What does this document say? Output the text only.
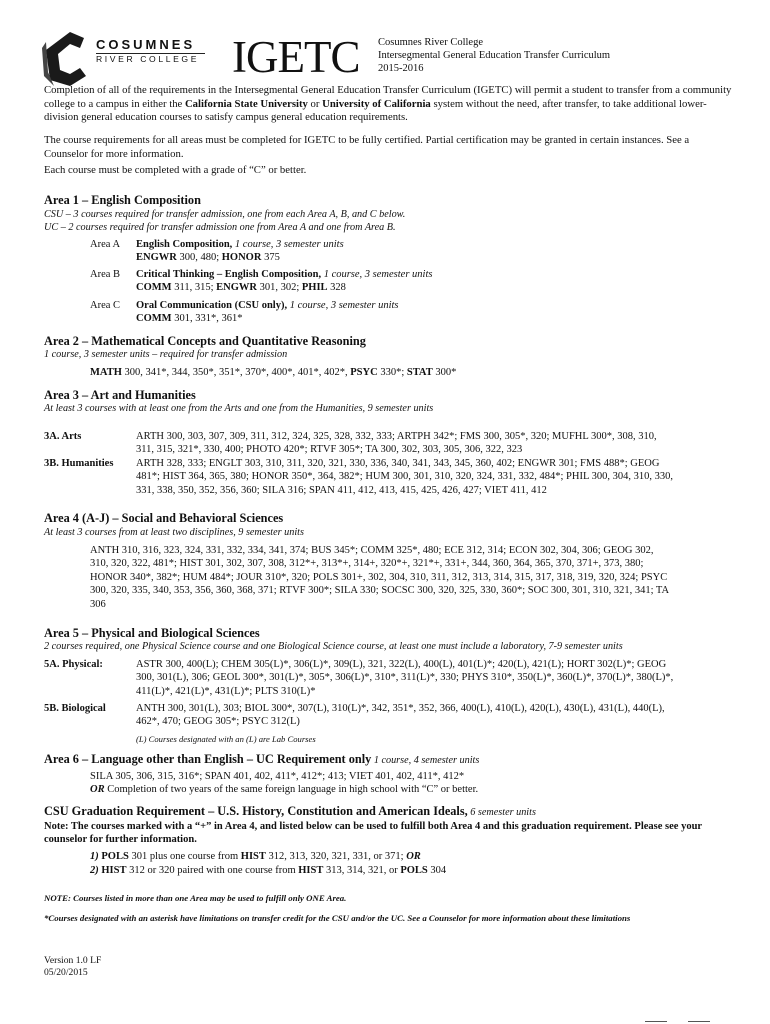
COSUMNES
RIVER COLLEGE IGETC Cosumnes River College
Intersegmental General Education Transfer Curriculum
2015-2016
Completion of all of the requirements in the Intersegmental General Education Transfer Curriculum (IGETC) will permit a student to transfer from a community college to a campus in either the California State University or University of California system without the need, after transfer, to take additional lower-division general education courses to satisfy campus general education requirements.
The course requirements for all areas must be completed for IGETC to be fully certified. Partial certification may be granted in certain instances. See a Counselor for more information.
Each course must be completed with a grade of “C” or better.
Area 1 – English Composition
CSU – 3 courses required for transfer admission, one from each Area A, B, and C below.
UC – 2 courses required for transfer admission one from Area A and one from Area B.
Area A English Composition, 1 course, 3 semester units
ENGWR 300, 480; HONOR 375
Area B Critical Thinking – English Composition, 1 course, 3 semester units
COMM 311, 315; ENGWR 301, 302; PHIL 328
Area C Oral Communication (CSU only), 1 course, 3 semester units
COMM 301, 331*, 361*
Area 2 – Mathematical Concepts and Quantitative Reasoning
1 course, 3 semester units – required for transfer admission
MATH 300, 341*, 344, 350*, 351*, 370*, 400*, 401*, 402*, PSYC 330*; STAT 300*
Area 3 – Art and Humanities
At least 3 courses with at least one from the Arts and one from the Humanities, 9 semester units
3A. Arts	ARTH 300, 303, 307, 309, 311, 312, 324, 325, 328, 332, 333; ARTPH 342*; FMS 300, 305*, 320; MUFHL 300*, 308, 310,
311, 315, 321*, 330, 400; PHOTO 420*; RTVF 305*; TA 300, 302, 303, 305, 306, 322, 323
3B. Humanities ARTH 328, 333; ENGLT 303, 310, 311, 320, 321, 330, 336, 340, 341, 343, 345, 360, 402; ENGWR 301; FMS 488*; GEOG
481*; HIST 364, 365, 380; HONOR 350*, 364, 382*; HUM 300, 301, 310, 320, 324, 331, 332, 484*; PHIL 300, 304, 310, 330,
331, 338, 350, 352, 356, 360; SILA 316; SPAN 411, 412, 413, 415, 425, 426, 427; VIET 411, 412
Area 4 (A-J) – Social and Behavioral Sciences
At least 3 courses from at least two disciplines, 9 semester units
ANTH 310, 316, 323, 324, 331, 332, 334, 341, 374; BUS 345*; COMM 325*, 480; ECE 312, 314; ECON 302, 304, 306; GEOG 302,
310, 320, 322, 481*; HIST 301, 302, 307, 308, 312*+, 313*+, 314+, 320*+, 321*+, 331+, 344, 360, 364, 365, 370, 371+, 373, 380;
HONOR 340*, 382*; HUM 484*; JOUR 310*, 320; POLS 301+, 302, 304, 310, 311, 312, 313, 314, 315, 317, 318, 319, 320, 324; PSYC
300, 320, 335, 340, 353, 356, 360, 368, 371; RTVF 300*; SILA 330; SOCSC 300, 320, 325, 330, 360*; SOC 300, 301, 310, 321, 341; TA
306
Area 5 – Physical and Biological Sciences
2 courses required, one Physical Science course and one Biological Science course, at least one must include a laboratory, 7-9 semester units
5A. Physical:	ASTR 300, 400(L); CHEM 305(L)*, 306(L)*, 309(L), 321, 322(L), 400(L), 401(L)*; 420(L), 421(L); HORT 302(L)*; GEOG
300, 301(L), 306; GEOL 300*, 301(L)*, 305*, 306(L)*, 310*, 311(L)*, 330; PHYS 310*, 350(L)*, 360(L)*, 370(L)*, 380(L)*,
411(L)*, 421(L)*, 431(L)*; PLTS 310(L)*
5B. Biological	ANTH 300, 301(L), 303; BIOL 300*, 307(L), 310(L)*, 342, 351*, 352, 366, 400(L), 410(L), 420(L), 430(L), 431(L), 440(L),
462*, 470; GEOG 305*; PSYC 312(L)
(L) Courses designated with an (L) are Lab Courses
Area 6 – Language other than English – UC Requirement only 1 course, 4 semester units
SILA 305, 306, 315, 316*; SPAN 401, 402, 411*, 412*; 413; VIET 401, 402, 411*, 412*
OR Completion of two years of the same foreign language in high school with “C” or better.
CSU Graduation Requirement – U.S. History, Constitution and American Ideals, 6 semester units
Note: The courses marked with a “+” in Area 4, and listed below can be used to fulfill both Area 4 and this graduation requirement. Please see your counselor for further information.
1) POLS 301 plus one course from HIST 312, 313, 320, 321, 331, or 371; OR
2) HIST 312 or 320 paired with one course from HIST 313, 314, 321, or POLS 304
NOTE: Courses listed in more than one Area may be used to fulfill only ONE Area.
*Courses designated with an asterisk have limitations on transfer credit for the CSU and/or the UC. See a Counselor for more information about these limitations
Version 1.0 LF
05/20/2015
